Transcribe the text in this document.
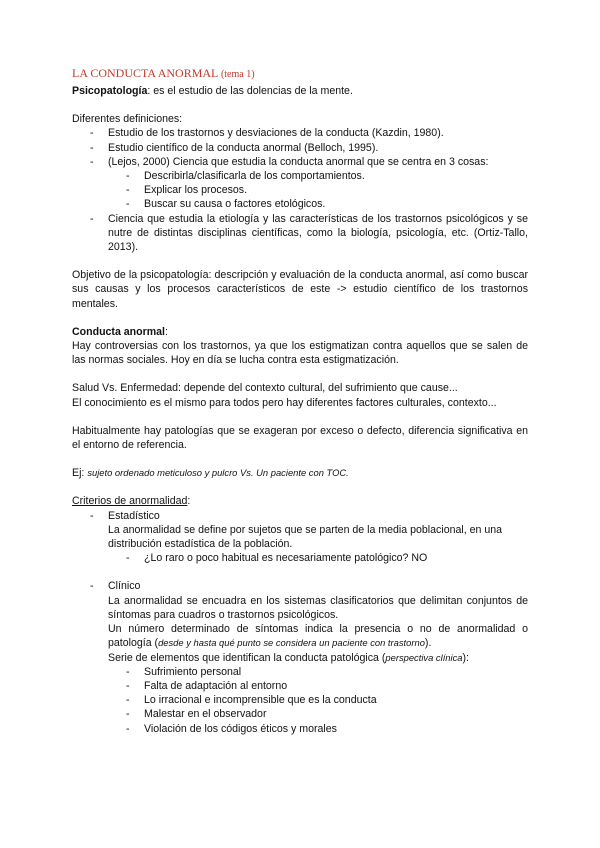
LA CONDUCTA ANORMAL (tema 1)

Psicopatología: es el estudio de las dolencias de la mente.

Diferentes definiciones:

- Estudio de los trastornos y desviaciones de la conducta (Kazdin, 1980).
- Estudio científico de la conducta anormal (Belloch, 1995).
- (Lejos, 2000) Ciencia que estudia la conducta anormal que se centra en 3 cosas:
- Describirla/clasificarla de los comportamientos.
- Explicar los procesos.
- Buscar su causa o factores etológicos.
- Ciencia que estudia la etiología y las características de los trastornos psicológicos y se nutre de distintas disciplinas científicas, como la biología, psicología, etc. (Ortiz-Tallo, 2013).

Objetivo de la psicopatología: descripción y evaluación de la conducta anormal, así como buscar sus causas y los procesos característicos de este -> estudio científico de los trastornos mentales.

Conducta anormal:

Hay controversias con los trastornos, ya que los estigmatizan contra aquellos que se salen de las normas sociales. Hoy en día se lucha contra esta estigmatización.

Salud Vs. Enfermedad: depende del contexto cultural, del sufrimiento que cause...

El conocimiento es el mismo para todos pero hay diferentes factores culturales, contexto...

Habitualmente hay patologías que se exageran por exceso o defecto, diferencia significativa en el entorno de referencia.

Ej: sujeto ordenado meticuloso y pulcro Vs. Un paciente con TOC.

Criterios de anormalidad:

- Estadístico

La anormalidad se define por sujetos que se parten de la media poblacional, en una distribución estadística de la población.

- ¿Lo raro o poco habitual es necesariamente patológico? NO
- Clínico

La anormalidad se encuadra en los sistemas clasificatorios que delimitan conjuntos de síntomas para cuadros o trastornos psicológicos.

Un número determinado de síntomas indica la presencia o no de anormalidad o patología (desde y hasta qué punto se considera un paciente con trastorno).

Serie de elementos que identifican la conducta patológica (perspectiva clínica):

- Sufrimiento personal
- Falta de adaptación al entorno
- Lo irracional e incomprensible que es la conducta
- Malestar en el observador
- Violación de los códigos éticos y morales
